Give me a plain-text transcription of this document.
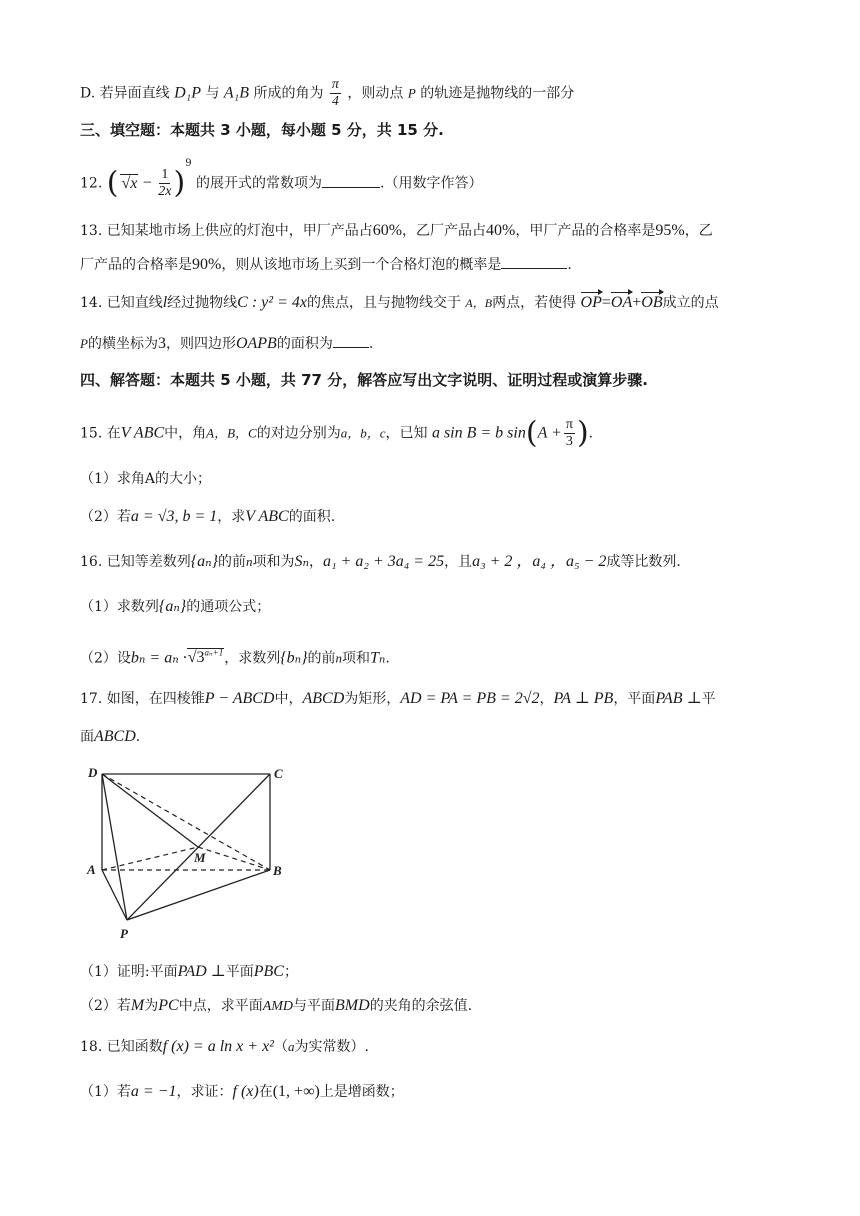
D. 若异面直线 D₁P 与 A₁B 所成的角为 $\frac{\pi}{4}$ ，则动点 P 的轨迹是抛物线的一部分
三、填空题：本题共 3 小题，每小题 5 分，共 15 分.
12. ( $√x - \frac{1}{2x} )^9$ 的展开式的常数项为	.（用数字作答）
13. 已知某地市场上供应的灯泡中，甲厂产品占60%，乙厂产品占40%，甲厂产品的合格率是95%，乙
厂产品的合格率是90%，则从该地市场上买到一个合格灯泡的概率是	.
14. 已知直线l经过抛物线C : y² = 4x的焦点，且与抛物线交于 A，B两点，若使得 OP=OA+OB成立的点
P的横坐标为3，则四边形OAPB的面积为	.
四、解答题：本题共 5 小题，共 77 分，解答应写出文字说明、证明过程或演算步骤.
15. 在V ABC中，角A，B，C的对边分别为a，b，c，已知 a sin B = b $\sin(A + \frac{\pi}{3}$ ).
（1）求角A的大小；
（2）若a = √3, b = 1，求V ABC的面积.
16. 已知等差数列{aₙ}的前n项和为Sₙ，a₁ + a₂ + 3a₄ = 25，且a₃ + 2 ，a₄ ，a₅ − 2成等比数列.
（1）求数列{aₙ}的通项公式；
（2）设$b_n = a_n \cdot√3^{a_n+1}$，求数列{bₙ}的前n项和Tₙ.
17. 如图，在四棱锥P − ABCD中，ABCD为矩形，AD = PA = PB = 2√2，PA ⊥ PB，平面PAB ⊥平
面ABCD.
D	C
A	B
M
P
（1）证明:平面PAD ⊥平面PBC；
（2）若M为PC中点，求平面AMD与平面BMD的夹角的余弦值.
18. 已知函数f (x) = a ln x + x²（a为实常数）.
（1）若a = −1，求证：f (x)在(1, +∞)上是增函数；
